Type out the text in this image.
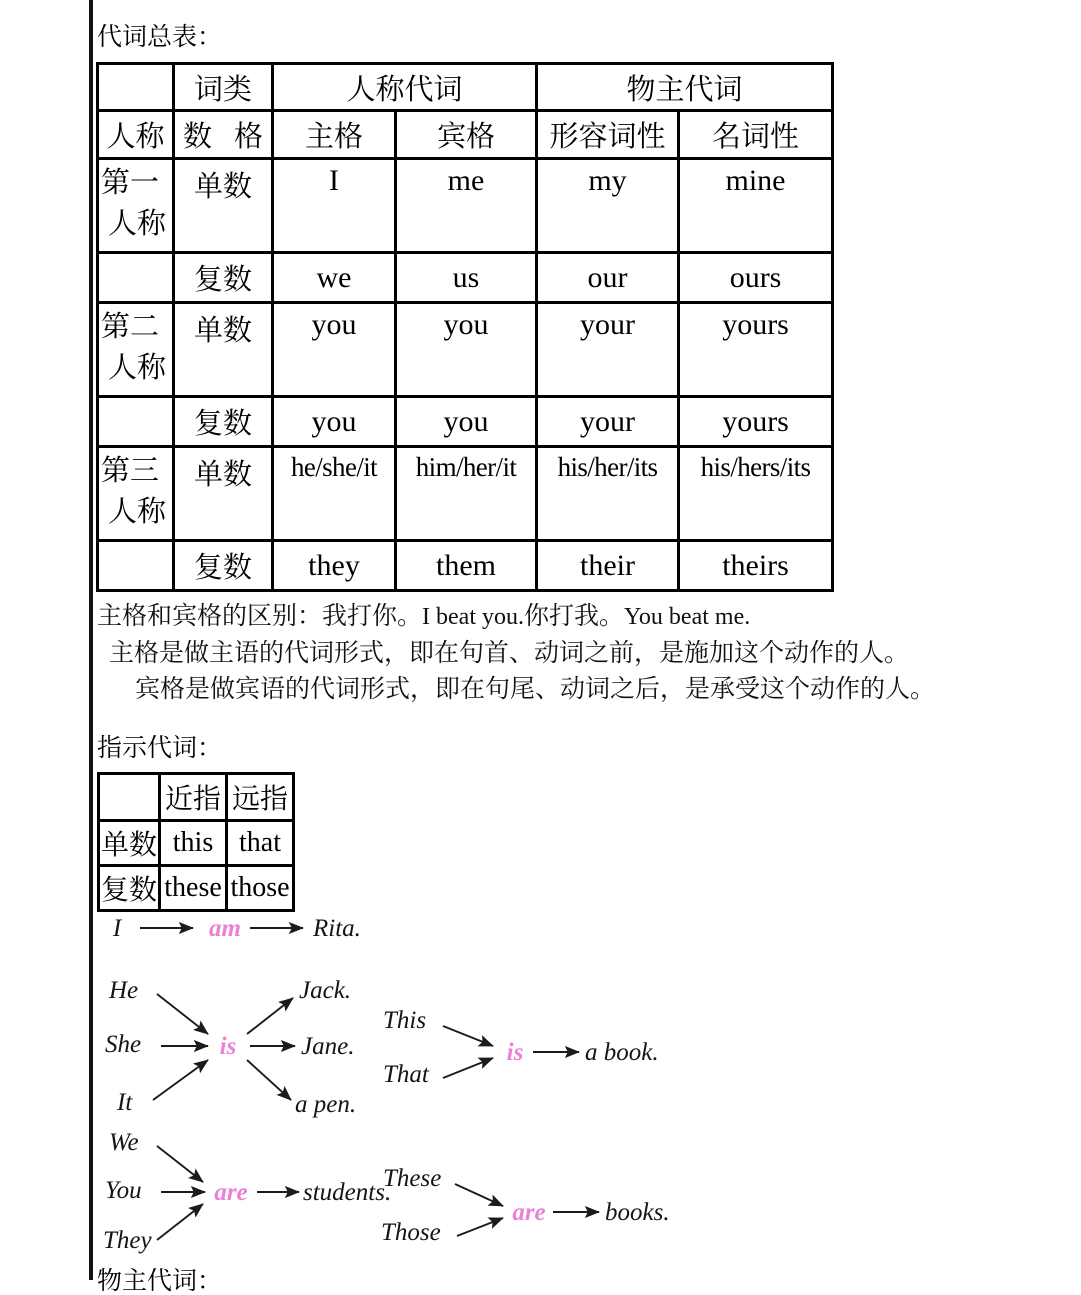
代词总表：
	词类	人称代词		物主代词	
人称	数 格	主格	宾格	形容词性	名词性
第一
人称	单数	I	me	my	mine
	复数	we	us	our	ours
第二
人称	单数	you	you	your	yours
	复数	you	you	your	yours
第三
人称	单数	he/she/it	him/her/it	his/her/its	his/hers/its
	复数	they	them	their	theirs
主格和宾格的区别：我打你。I beat you.你打我。You beat me.
主格是做主语的代词形式，即在句首、动词之前，是施加这个动作的人。
宾格是做宾语的代词形式，即在句尾、动词之后，是承受这个动作的人。
指示代词：
	近指	远指
单数	this	that
复数	these	those
I	am	Rita.
He
She
It
is
Jack.
Jane.
a pen.
This
That
is a book.
We
You
They
are students.
These
Those
are books.
物主代词：
